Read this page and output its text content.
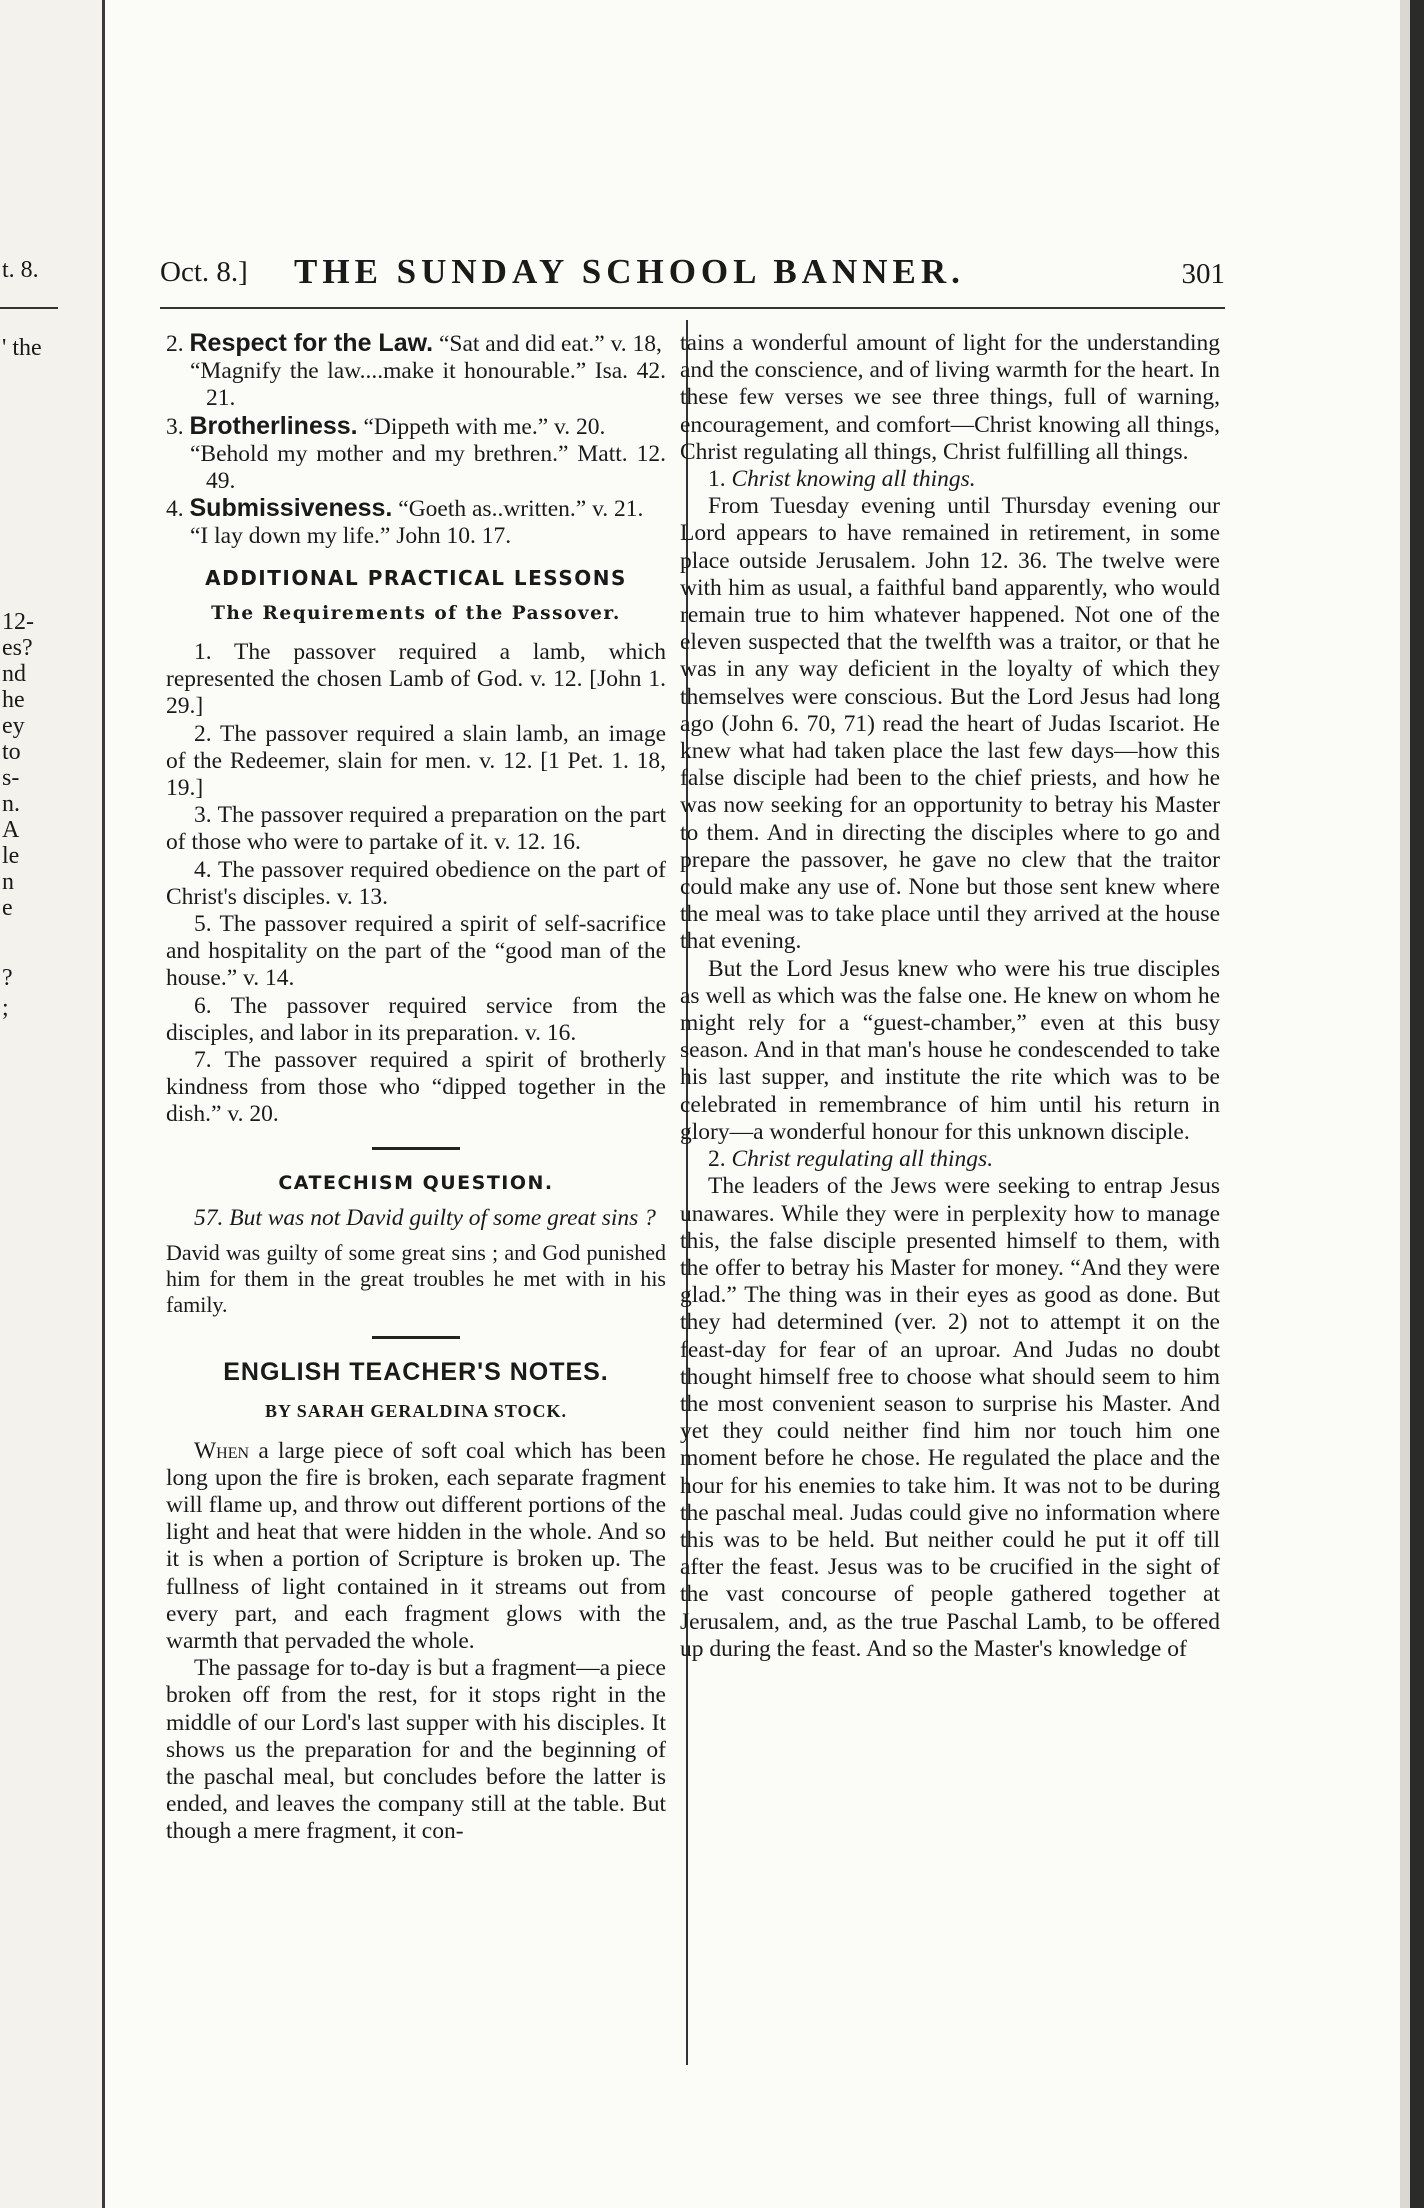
t. 8.
' the
12-
es?
nd
he
ey
to
s-
n.
A
le
n
e
?
;
Oct. 8.] THE SUNDAY SCHOOL BANNER.	301

2. Respect for the Law. “Sat and did eat.” v. 18,

“Magnify the law....make it honourable.” Isa. 42. 21.

3. Brotherliness. “Dippeth with me.” v. 20.

“Behold my mother and my brethren.” Matt. 12. 49.

4. Submissiveness. “Goeth as..written.” v. 21.

“I lay down my life.” John 10. 17.

ADDITIONAL PRACTICAL LESSONS

The Requirements of the Passover.

1. The passover required a lamb, which represented the chosen Lamb of God. v. 12. [John 1. 29.]

2. The passover required a slain lamb, an image of the Redeemer, slain for men. v. 12. [1 Pet. 1. 18, 19.]

3. The passover required a preparation on the part of those who were to partake of it. v. 12. 16.

4. The passover required obedience on the part of Christ's disciples. v. 13.

5. The passover required a spirit of self-sacrifice and hospitality on the part of the “good man of the house.” v. 14.

6. The passover required service from the disciples, and labor in its preparation. v. 16.

7. The passover required a spirit of brotherly kindness from those who “dipped together in the dish.” v. 20.

CATECHISM QUESTION.

57. But was not David guilty of some great sins ?

David was guilty of some great sins ; and God punished him for them in the great troubles he met with in his family.

ENGLISH TEACHER'S NOTES.

BY SARAH GERALDINA STOCK.

When a large piece of soft coal which has been long upon the fire is broken, each separate fragment will flame up, and throw out different portions of the light and heat that were hidden in the whole. And so it is when a portion of Scripture is broken up. The fullness of light contained in it streams out from every part, and each fragment glows with the warmth that pervaded the whole.

The passage for to-day is but a fragment—a piece broken off from the rest, for it stops right in the middle of our Lord's last supper with his disciples. It shows us the preparation for and the beginning of the paschal meal, but concludes before the latter is ended, and leaves the company still at the table. But though a mere fragment, it con-

tains a wonderful amount of light for the understanding and the conscience, and of living warmth for the heart. In these few verses we see three things, full of warning, encouragement, and comfort—Christ knowing all things, Christ regulating all things, Christ fulfilling all things.

1. Christ knowing all things.

From Tuesday evening until Thursday evening our Lord appears to have remained in retirement, in some place outside Jerusalem. John 12. 36. The twelve were with him as usual, a faithful band apparently, who would remain true to him whatever happened. Not one of the eleven suspected that the twelfth was a traitor, or that he was in any way deficient in the loyalty of which they themselves were conscious. But the Lord Jesus had long ago (John 6. 70, 71) read the heart of Judas Iscariot. He knew what had taken place the last few days—how this false disciple had been to the chief priests, and how he was now seeking for an opportunity to betray his Master to them. And in directing the disciples where to go and prepare the passover, he gave no clew that the traitor could make any use of. None but those sent knew where the meal was to take place until they arrived at the house that evening.

But the Lord Jesus knew who were his true disciples as well as which was the false one. He knew on whom he might rely for a “guest-chamber,” even at this busy season. And in that man's house he condescended to take his last supper, and institute the rite which was to be celebrated in remembrance of him until his return in glory—a wonderful honour for this unknown disciple.

2. Christ regulating all things.

The leaders of the Jews were seeking to entrap Jesus unawares. While they were in perplexity how to manage this, the false disciple presented himself to them, with the offer to betray his Master for money. “And they were glad.” The thing was in their eyes as good as done. But they had determined (ver. 2) not to attempt it on the feast-day for fear of an uproar. And Judas no doubt thought himself free to choose what should seem to him the most convenient season to surprise his Master. And yet they could neither find him nor touch him one moment before he chose. He regulated the place and the hour for his enemies to take him. It was not to be during the paschal meal. Judas could give no information where this was to be held. But neither could he put it off till after the feast. Jesus was to be crucified in the sight of the vast concourse of people gathered together at Jerusalem, and, as the true Paschal Lamb, to be offered up during the feast. And so the Master's knowledge of
